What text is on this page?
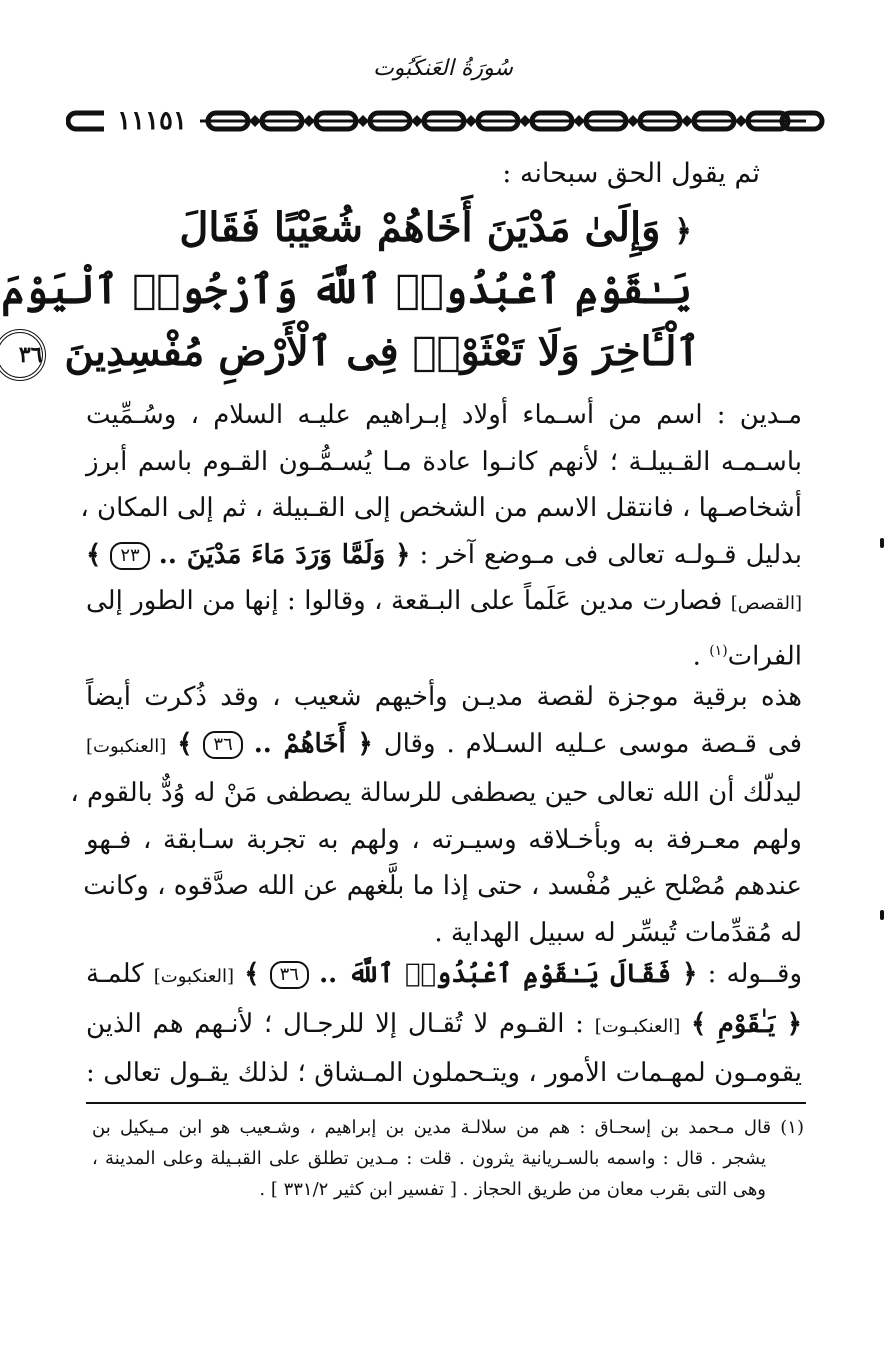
سُورَةُ العَنكَبُوت
١١١٥١
ثم يقول الحق سبحانه :
﴿ وَإِلَىٰ مَدْيَنَ أَخَاهُمْ شُعَيْبًا فَقَالَ
يَـٰقَوْمِ ٱعْبُدُوا۟ ٱللَّهَ وَٱرْجُوا۟ ٱلْيَوْمَ
ٱلْـَٔاخِرَ وَلَا تَعْثَوْا۟ فِى ٱلْأَرْضِ مُفْسِدِينَ ٣٦
مـدين : اسم من أسـماء أولاد إبـراهيم عليـه السلام ، وسُـمِّيت
باسـمـه القـبيلـة ؛ لأنهم كانـوا عادة مـا يُسـمُّـون القـوم باسم أبرز
أشخاصـها ، فانتقل الاسم من الشخص إلى القـبيلة ، ثم إلى المكان ،
بدليل قـولـه تعالى فى مـوضع آخر : ﴿ وَلَمَّا وَرَدَ مَاءَ مَدْيَنَ .. ٢٣ ﴾
[القصص] فصارت مدين عَلَماً على البـقعة ، وقالوا : إنها من الطور إلى
الفرات$^{(١)}$ .
هذه برقية موجزة لقصة مديـن وأخيهم شعيب ، وقد ذُكرت أيضاً
فى قـصة موسى عـليه السـلام . وقال ﴿ أَخَاهُمْ .. ٣٦ ﴾ [العنكبوت]
ليدلّك أن الله تعالى حين يصطفى للرسالة يصطفى مَنْ له وُدٌّ بالقوم ،
ولهم معـرفة به وبأخـلاقه وسيـرته ، ولهم به تجربة سـابقة ، فـهو
عندهم مُصْلح غير مُفْسد ، حتى إذا ما بلَّغهم عن الله صدَّقوه ، وكانت
له مُقدِّمات تُيسِّر له سبيل الهداية .
وقــوله : ﴿ فَقَالَ يَـٰقَوْمِ ٱعْبُدُوا۟ ٱللَّهَ .. ٣٦ ﴾ [العنكبوت] كلمـة
﴿ يَـٰقَوْمِ ﴾ [العنكبـوت] : القـوم لا تُقـال إلا للرجـال ؛ لأنـهم هم الذين
يقومـون لمهـمات الأمور ، ويتـحملون المـشاق ؛ لذلك يقـول تعالى :
(١) قال مـحمد بن إسحـاق : هم من سلالـة مدين بن إبراهيم ، وشـعيب هو ابن مـيكيل بن
يشجر . قال : واسمه بالسـريانية يثرون . قلت : مـدين تطلق على القبـيلة وعلى المدينة ،
وهى التى بقرب معان من طريق الحجاز . [ تفسير ابن كثير ٣٣١/٢ ] .
